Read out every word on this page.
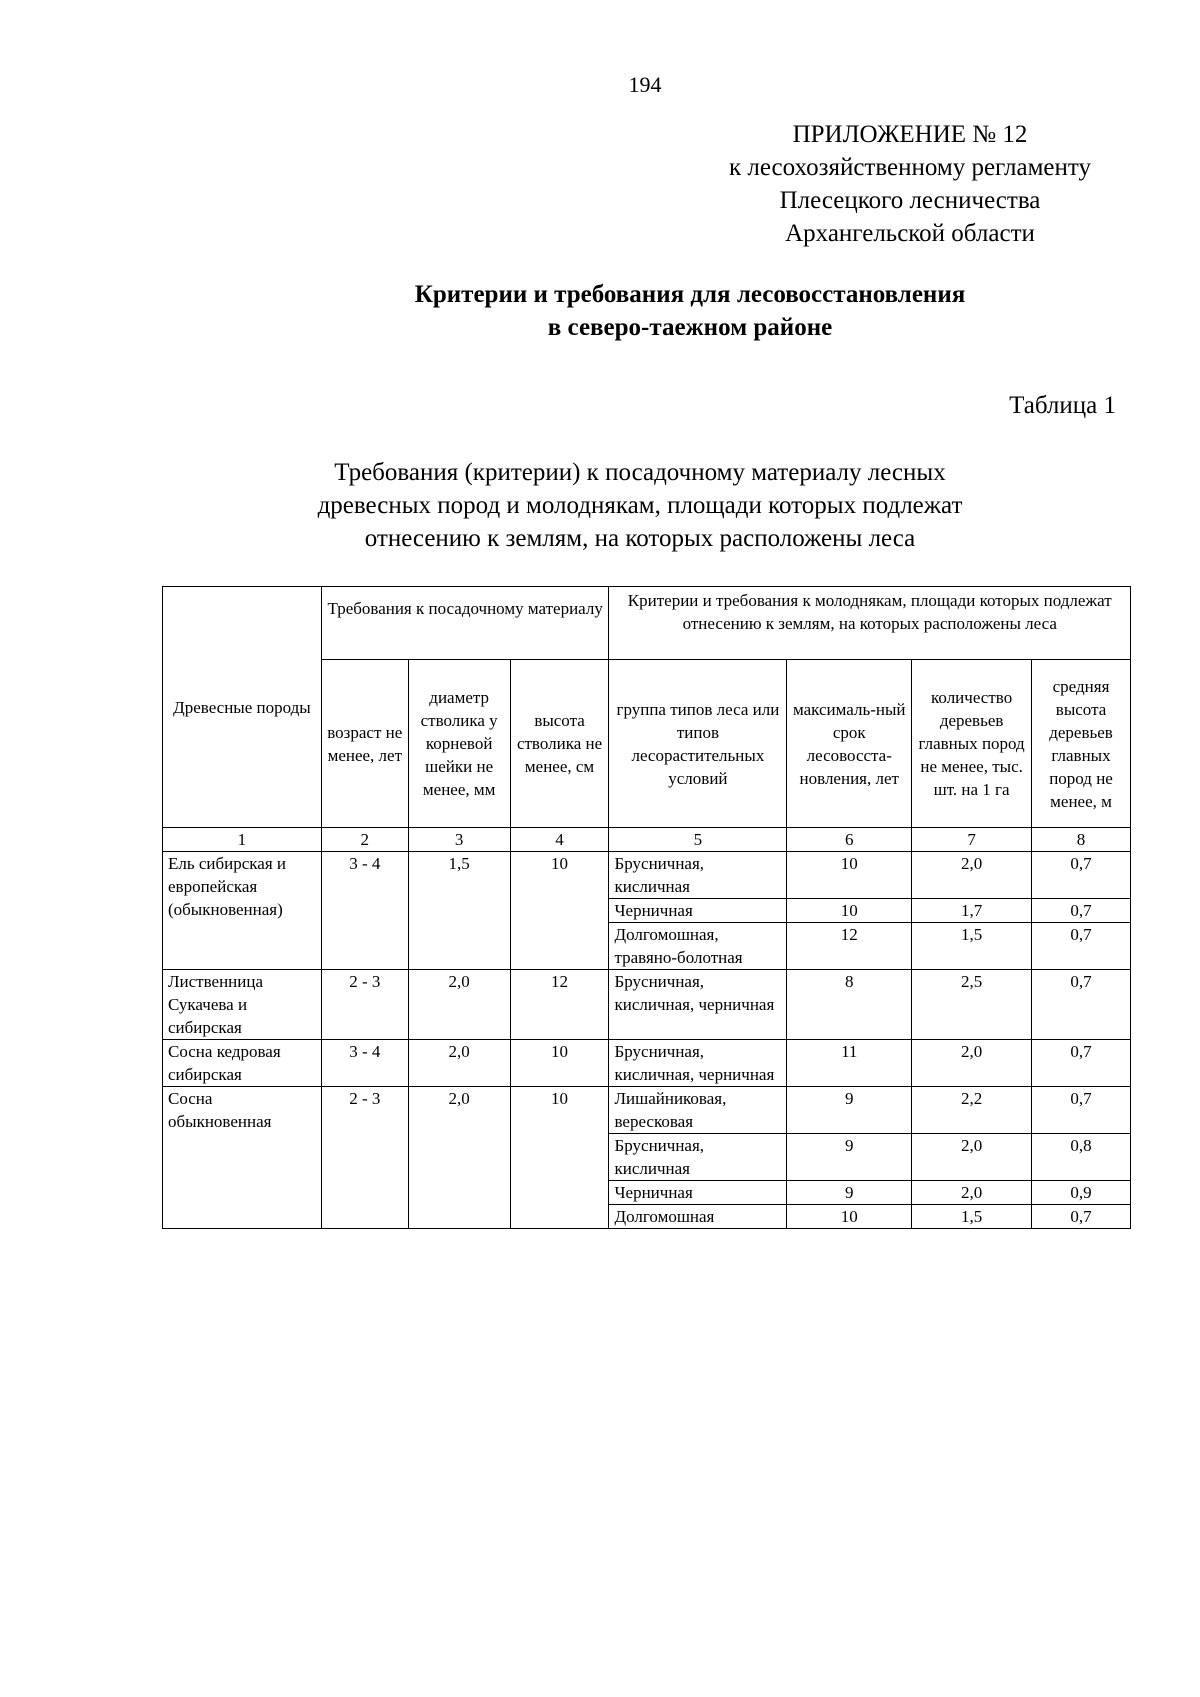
194
ПРИЛОЖЕНИЕ № 12
к лесохозяйственному регламенту
Плесецкого лесничества
Архангельской области
Критерии и требования для лесовосстановления
в северо-таежном районе
Таблица 1
Требования (критерии) к посадочному материалу лесных
древесных пород и молоднякам, площади которых подлежат
отнесению к землям, на которых расположены леса
Древесные породы	Требования к посадочному материалу			Критерии и требования к молоднякам, площади которых подлежат отнесению к землям, на которых расположены леса			
	возраст не менее, лет	диаметр стволика у корневой шейки не менее, мм	высота стволика не менее, см	группа типов леса или типов лесорастительных условий	максималь-ный срок лесовосста-новления, лет	количество деревьев главных пород не менее, тыс. шт. на 1 га	средняя высота деревьев главных пород не менее, м
1	2	3	4	5	6	7	8
Ель сибирская и европейская (обыкновенная)	3 - 4	1,5	10	Брусничная, кисличная	10	2,0	0,7
				Черничная	10	1,7	0,7
				Долгомошная, травяно-болотная	12	1,5	0,7
Лиственница Сукачева и сибирская	2 - 3	2,0	12	Брусничная, кисличная, черничная	8	2,5	0,7
Сосна кедровая сибирская	3 - 4	2,0	10	Брусничная, кисличная, черничная	11	2,0	0,7
Сосна обыкновенная	2 - 3	2,0	10	Лишайниковая, вересковая	9	2,2	0,7
				Брусничная, кисличная	9	2,0	0,8
				Черничная	9	2,0	0,9
				Долгомошная	10	1,5	0,7
